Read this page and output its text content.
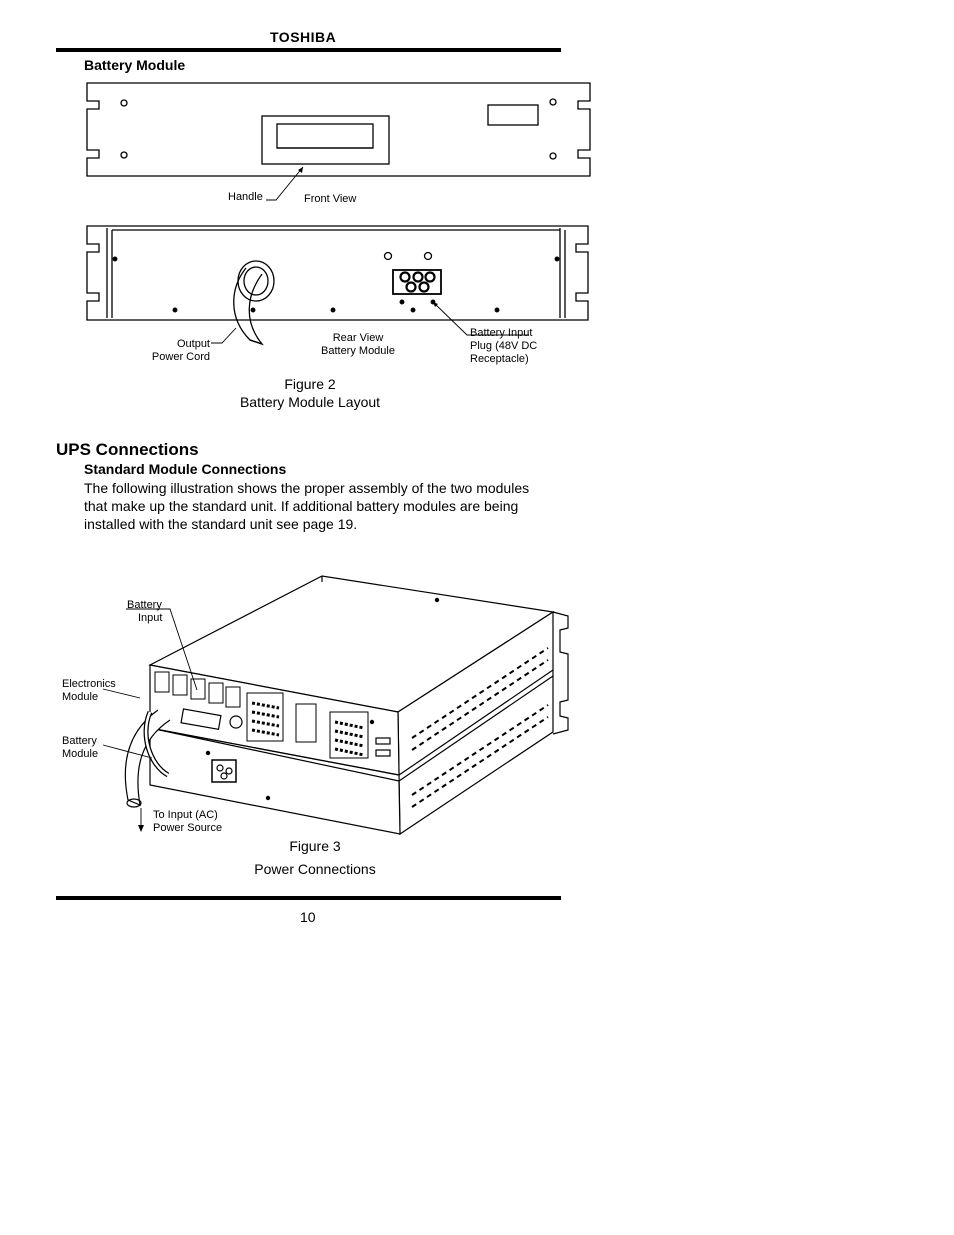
TOSHIBA
Battery Module
Handle	Front View
Output
Power Cord
Rear View
Battery Module
Battery Input
Plug (48V DC
Receptacle)
Figure 2
Battery Module Layout
UPS Connections
Standard Module Connections
The following illustration shows the proper assembly of the two modules that make up the standard unit. If additional battery modules are being installed with the standard unit see page 19.
Battery
Input
Electronics
Module
Battery
Module
To Input (AC)
Power Source
Figure 3
Power Connections
10
